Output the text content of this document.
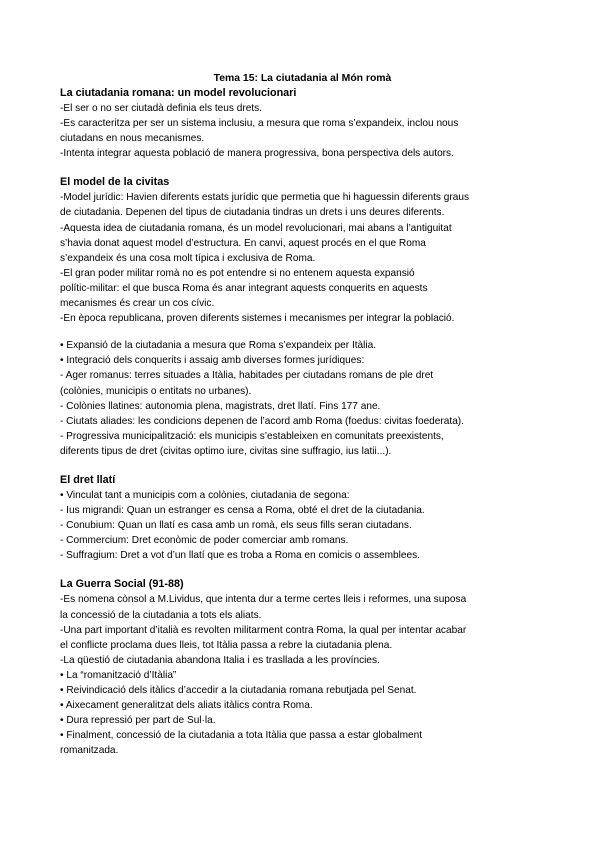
Tema 15: La ciutadania al Món romà

La ciutadania romana: un model revolucionari

-El ser o no ser ciutadà definia els teus drets.

-Es caracteritza per ser un sistema inclusiu, a mesura que roma s’expandeix, inclou nous

ciutadans en nous mecanismes.

-Intenta integrar aquesta població de manera progressiva, bona perspectiva dels autors.

El model de la civitas

-Model jurídic: Havien diferents estats jurídic que permetia que hi haguessin diferents graus

de ciutadania. Depenen del tipus de ciutadania tindras un drets i uns deures diferents.

-Aquesta idea de ciutadania romana, és un model revolucionari, mai abans a l’antiguitat

s’havia donat aquest model d’estructura. En canvi, aquest procés en el que Roma

s’expandeix és una cosa molt típica i exclusiva de Roma.

-El gran poder militar romà no es pot entendre si no entenem aquesta expansió

polític-militar: el que busca Roma és anar integrant aquests conquerits en aquests

mecanismes és crear un cos cívic.

-En època republicana, proven diferents sistemes i mecanismes per integrar la població.

• Expansió de la ciutadania a mesura que Roma s’expandeix per Itàlia.

• Integració dels conquerits i assaig amb diverses formes jurídiques:

- Ager romanus: terres situades a Itàlia, habitades per ciutadans romans de ple dret

(colònies, municipis o entitats no urbanes).

- Colònies llatines: autonomia plena, magistrats, dret llatí. Fins 177 ane.

- Ciutats aliades: les condicions depenen de l’acord amb Roma (foedus: civitas foederata).

- Progressiva municipalització: els municipis s’estableixen en comunitats preexistents,

diferents tipus de dret (civitas optimo iure, civitas sine suffragio, ius latii...).

El dret llatí

• Vinculat tant a municipis com a colònies, ciutadania de segona:

- Ius migrandi: Quan un estranger es censa a Roma, obté el dret de la ciutadania.

- Conubium: Quan un llatí es casa amb un romà, els seus fills seran ciutadans.

- Commercium: Dret econòmic de poder comerciar amb romans.

- Suffragium: Dret a vot d’un llatí que es troba a Roma en comicis o assemblees.

La Guerra Social (91-88)

-Es nomena cònsol a M.Lividus, que intenta dur a terme certes lleis i reformes, una suposa

la concessió de la ciutadania a tots els aliats.

-Una part important d’italià es revolten militarment contra Roma, la qual per intentar acabar

el conflicte proclama dues lleis, tot Itàlia passa a rebre la ciutadania plena.

-La qüestió de ciutadania abandona Italia i es trasllada a les províncies.

• La “romanització d’Itàlia”

• Reivindicació dels itàlics d’accedir a la ciutadania romana rebutjada pel Senat.

• Aixecament generalitzat dels aliats itàlics contra Roma.

• Dura repressió per part de Sul·la.

• Finalment, concessió de la ciutadania a tota Itàlia que passa a estar globalment

romanitzada.
